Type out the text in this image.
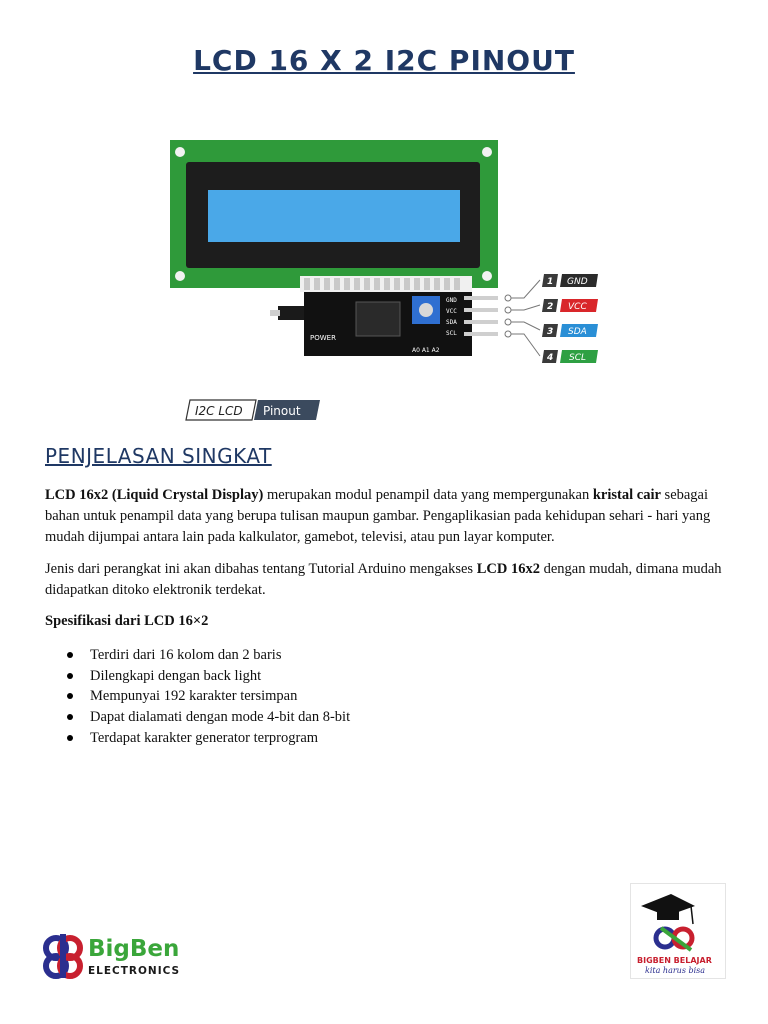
LCD 16 X 2 I2C PINOUT
POWER
A0 A1 A2
GND
VCC
SDA
SCL
1 GND
2 VCC
3 SDA
4 SCL
I2C LCD Pinout
PENJELASAN SINGKAT

LCD 16x2 (Liquid Crystal Display) merupakan modul penampil data yang mempergunakan kristal cair sebagai bahan untuk penampil data yang berupa tulisan maupun gambar. Pengaplikasian pada kehidupan sehari - hari yang mudah dijumpai antara lain pada kalkulator, gamebot, televisi, atau pun layar komputer.

Jenis dari perangkat ini akan dibahas tentang Tutorial Arduino mengakses LCD 16x2 dengan mudah, dimana mudah didapatkan ditoko elektronik terdekat.

Spesifikasi dari LCD 16×2
Terdiri dari 16 kolom dan 2 baris
Dilengkapi dengan back light
Mempunyai 192 karakter tersimpan
Dapat dialamati dengan mode 4-bit dan 8-bit
Terdapat karakter generator terprogram
BigBen
ELECTRONICS
BIGBEN BELAJAR
kita harus bisa
